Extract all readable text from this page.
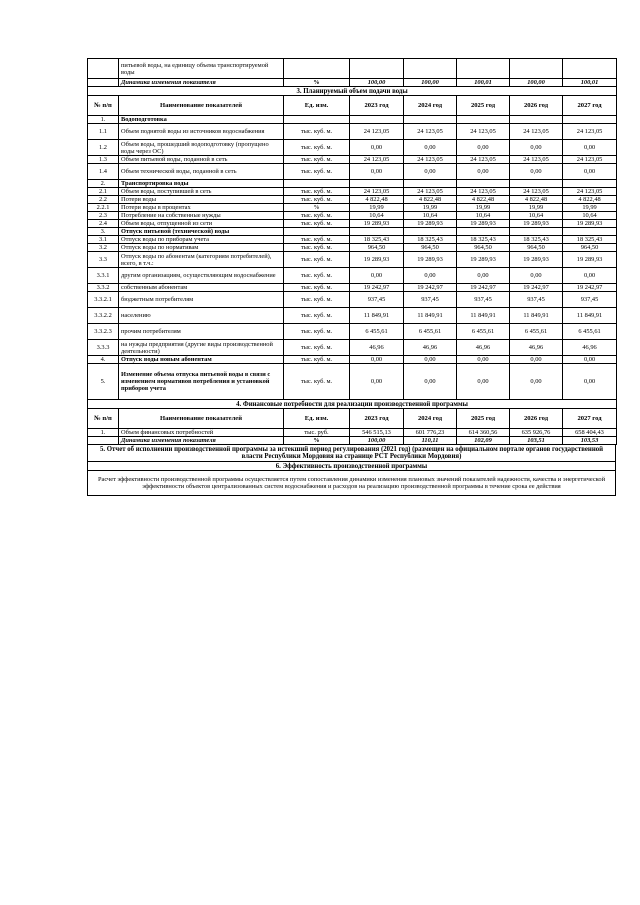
	питьевой воды, на единицу объема транспортируемой воды						
	Динамика изменения показателя	%	100,00	100,00	100,01	100,00	100,01
3. Планируемый объем подачи воды							
№ п/п	Наименование показателей	Ед. изм.	2023 год	2024 год	2025 год	2026 год	2027 год
1.	Водоподготовка						
1.1	Объем поднятой воды из источников водоснабжения	тыс. куб. м.	24 123,05	24 123,05	24 123,05	24 123,05	24 123,05
1.2	Объем воды, прошедший водоподготовку (пропущено воды через ОС)	тыс. куб. м.	0,00	0,00	0,00	0,00	0,00
1.3	Объем питьевой воды, поданной в сеть	тыс. куб. м.	24 123,05	24 123,05	24 123,05	24 123,05	24 123,05
1.4	Объем технической воды, поданной в сеть	тыс. куб. м.	0,00	0,00	0,00	0,00	0,00
2.	Транспортировка воды						
2.1	Объем воды, поступившей в сеть	тыс. куб. м.	24 123,05	24 123,05	24 123,05	24 123,05	24 123,05
2.2	Потери воды	тыс. куб. м.	4 822,48	4 822,48	4 822,48	4 822,48	4 822,48
2.2.1	Потери воды в процентах	%	19,99	19,99	19,99	19,99	19,99
2.3	Потребление на собственные нужды	тыс. куб. м.	10,64	10,64	10,64	10,64	10,64
2.4	Объем воды, отпущенной из сети	тыс. куб. м.	19 289,93	19 289,93	19 289,93	19 289,93	19 289,93
3.	Отпуск питьевой (технической) воды						
3.1	Отпуск воды по приборам учета	тыс. куб. м.	18 325,43	18 325,43	18 325,43	18 325,43	18 325,43
3.2	Отпуск воды по нормативам	тыс. куб. м.	964,50	964,50	964,50	964,50	964,50
3.3	Отпуск воды по абонентам (категориям потребителей), всего, в т.ч.:	тыс. куб. м.	19 289,93	19 289,93	19 289,93	19 289,93	19 289,93
3.3.1	другим организациям, осуществляющим водоснабжение	тыс. куб. м.	0,00	0,00	0,00	0,00	0,00
3.3.2	собственным абонентам	тыс. куб. м.	19 242,97	19 242,97	19 242,97	19 242,97	19 242,97
3.3.2.1	бюджетным потребителям	тыс. куб. м.	937,45	937,45	937,45	937,45	937,45
3.3.2.2	населению	тыс. куб. м.	11 849,91	11 849,91	11 849,91	11 849,91	11 849,91
3.3.2.3	прочим потребителям	тыс. куб. м.	6 455,61	6 455,61	6 455,61	6 455,61	6 455,61
3.3.3	на нужды предприятия (другие виды производственной деятельности)	тыс. куб. м.	46,96	46,96	46,96	46,96	46,96
4.	Отпуск воды новым абонентам	тыс. куб. м.	0,00	0,00	0,00	0,00	0,00
5.	Изменение объема отпуска питьевой воды в связи с изменением нормативов потребления и установкой приборов учета	тыс. куб. м.	0,00	0,00	0,00	0,00	0,00
4. Финансовые потребности для реализации производственной программы							
№ п/п	Наименование показателей	Ед. изм.	2023 год	2024 год	2025 год	2026 год	2027 год
1.	Объем финансовых потребностей	тыс. руб.	546 515,13	601 776,23	614 360,56	635 926,76	658 404,43
	Динамика изменения показателя	%	100,00	110,11	102,09	103,51	103,53
5. Отчет об исполнении производственной программы за истекший период регулирования (2021 год) (размещен на официальном портале органов государственной власти Республики Мордовия на странице РСТ Республики Мордовия)
6. Эффективность производственной программы
Расчет эффективности производственной программы осуществляется путем сопоставления динамики изменения плановых значений показателей надежности, качества и энергетической эффективности объектов централизованных систем водоснабжения и расходов на реализацию производственной программы в течение срока ее действия
